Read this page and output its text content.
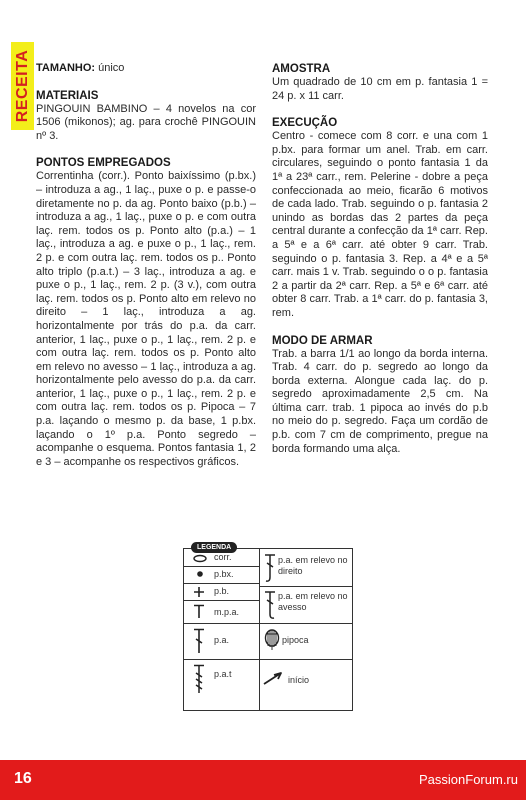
RECEITA TAMANHO: único

MATERIAIS

PINGOUIN BAMBINO – 4 novelos na cor 1506 (mikonos); ag. para crochê PINGOUIN nº 3.

PONTOS EMPREGADOS

Correntinha (corr.). Ponto baixíssimo (p.bx.) – introduza a ag., 1 laç., puxe o p. e passe-o diretamente no p. da ag. Ponto baixo (p.b.) – introduza a ag., 1 laç., puxe o p. e com outra laç. rem. todos os p. Ponto alto (p.a.) – 1 laç., introduza a ag. e puxe o p., 1 laç., rem. 2 p. e com outra laç. rem. todos os p.. Ponto alto triplo (p.a.t.) – 3 laç., introduza a ag. e puxe o p., 1 laç., rem. 2 p. (3 v.), com outra laç. rem. todos os p. Ponto alto em relevo no direito – 1 laç., introduza a ag. horizontalmente por trás do p.a. da carr. anterior, 1 laç., puxe o p., 1 laç., rem. 2 p. e com outra laç. rem. todos os p. Ponto alto em relevo no avesso – 1 laç., introduza a ag. horizontalmente pelo avesso do p.a. da carr. anterior, 1 laç., puxe o p., 1 laç., rem. 2 p. e com outra laç. rem. todos os p. Pipoca – 7 p.a. laçando o mesmo p. da base, 1 p.bx. laçando o 1º p.a. Ponto segredo – acompanhe o esquema. Pontos fantasia 1, 2 e 3 – acompanhe os respectivos gráficos.

AMOSTRA

Um quadrado de 10 cm em p. fantasia 1 = 24 p. x 11 carr.

EXECUÇÃO

Centro - comece com 8 corr. e una com 1 p.bx. para formar um anel. Trab. em carr. circulares, seguindo o ponto fantasia 1 da 1ª a 23ª carr., rem. Pelerine - dobre a peça confeccionada ao meio, ficarão 6 motivos de cada lado. Trab. seguindo o p. fantasia 2 unindo as bordas das 2 partes da peça central durante a confecção da 1ª carr. Rep. a 5ª e a 6ª carr. até obter 9 carr. Trab. seguindo o p. fantasia 3. Rep. a 4ª e a 5ª carr. mais 1 v. Trab. seguindo o o p. fantasia 2 a partir da 2ª carr. Rep. a 5ª e 6ª carr. até obter 8 carr. Trab. a 1ª carr. do p. fantasia 3, rem.

MODO DE ARMAR

Trab. a barra 1/1 ao longo da borda interna. Trab. 4 carr. do p. segredo ao longo da borda externa. Alongue cada laç. do p. segredo aproximadamente 2,5 cm. Na última carr. trab. 1 pipoca ao invés do p.b no meio do p. segredo. Faça um cordão de p.b. com 7 cm de comprimento, pregue na borda formando uma alça.

LEGENDA
corr.
p.bx.
p.b.
m.p.a.
p.a.
p.a.t
p.a. em relevo no direito
p.a. em relevo no avesso
pipoca
início
16	PassionForum.ru
